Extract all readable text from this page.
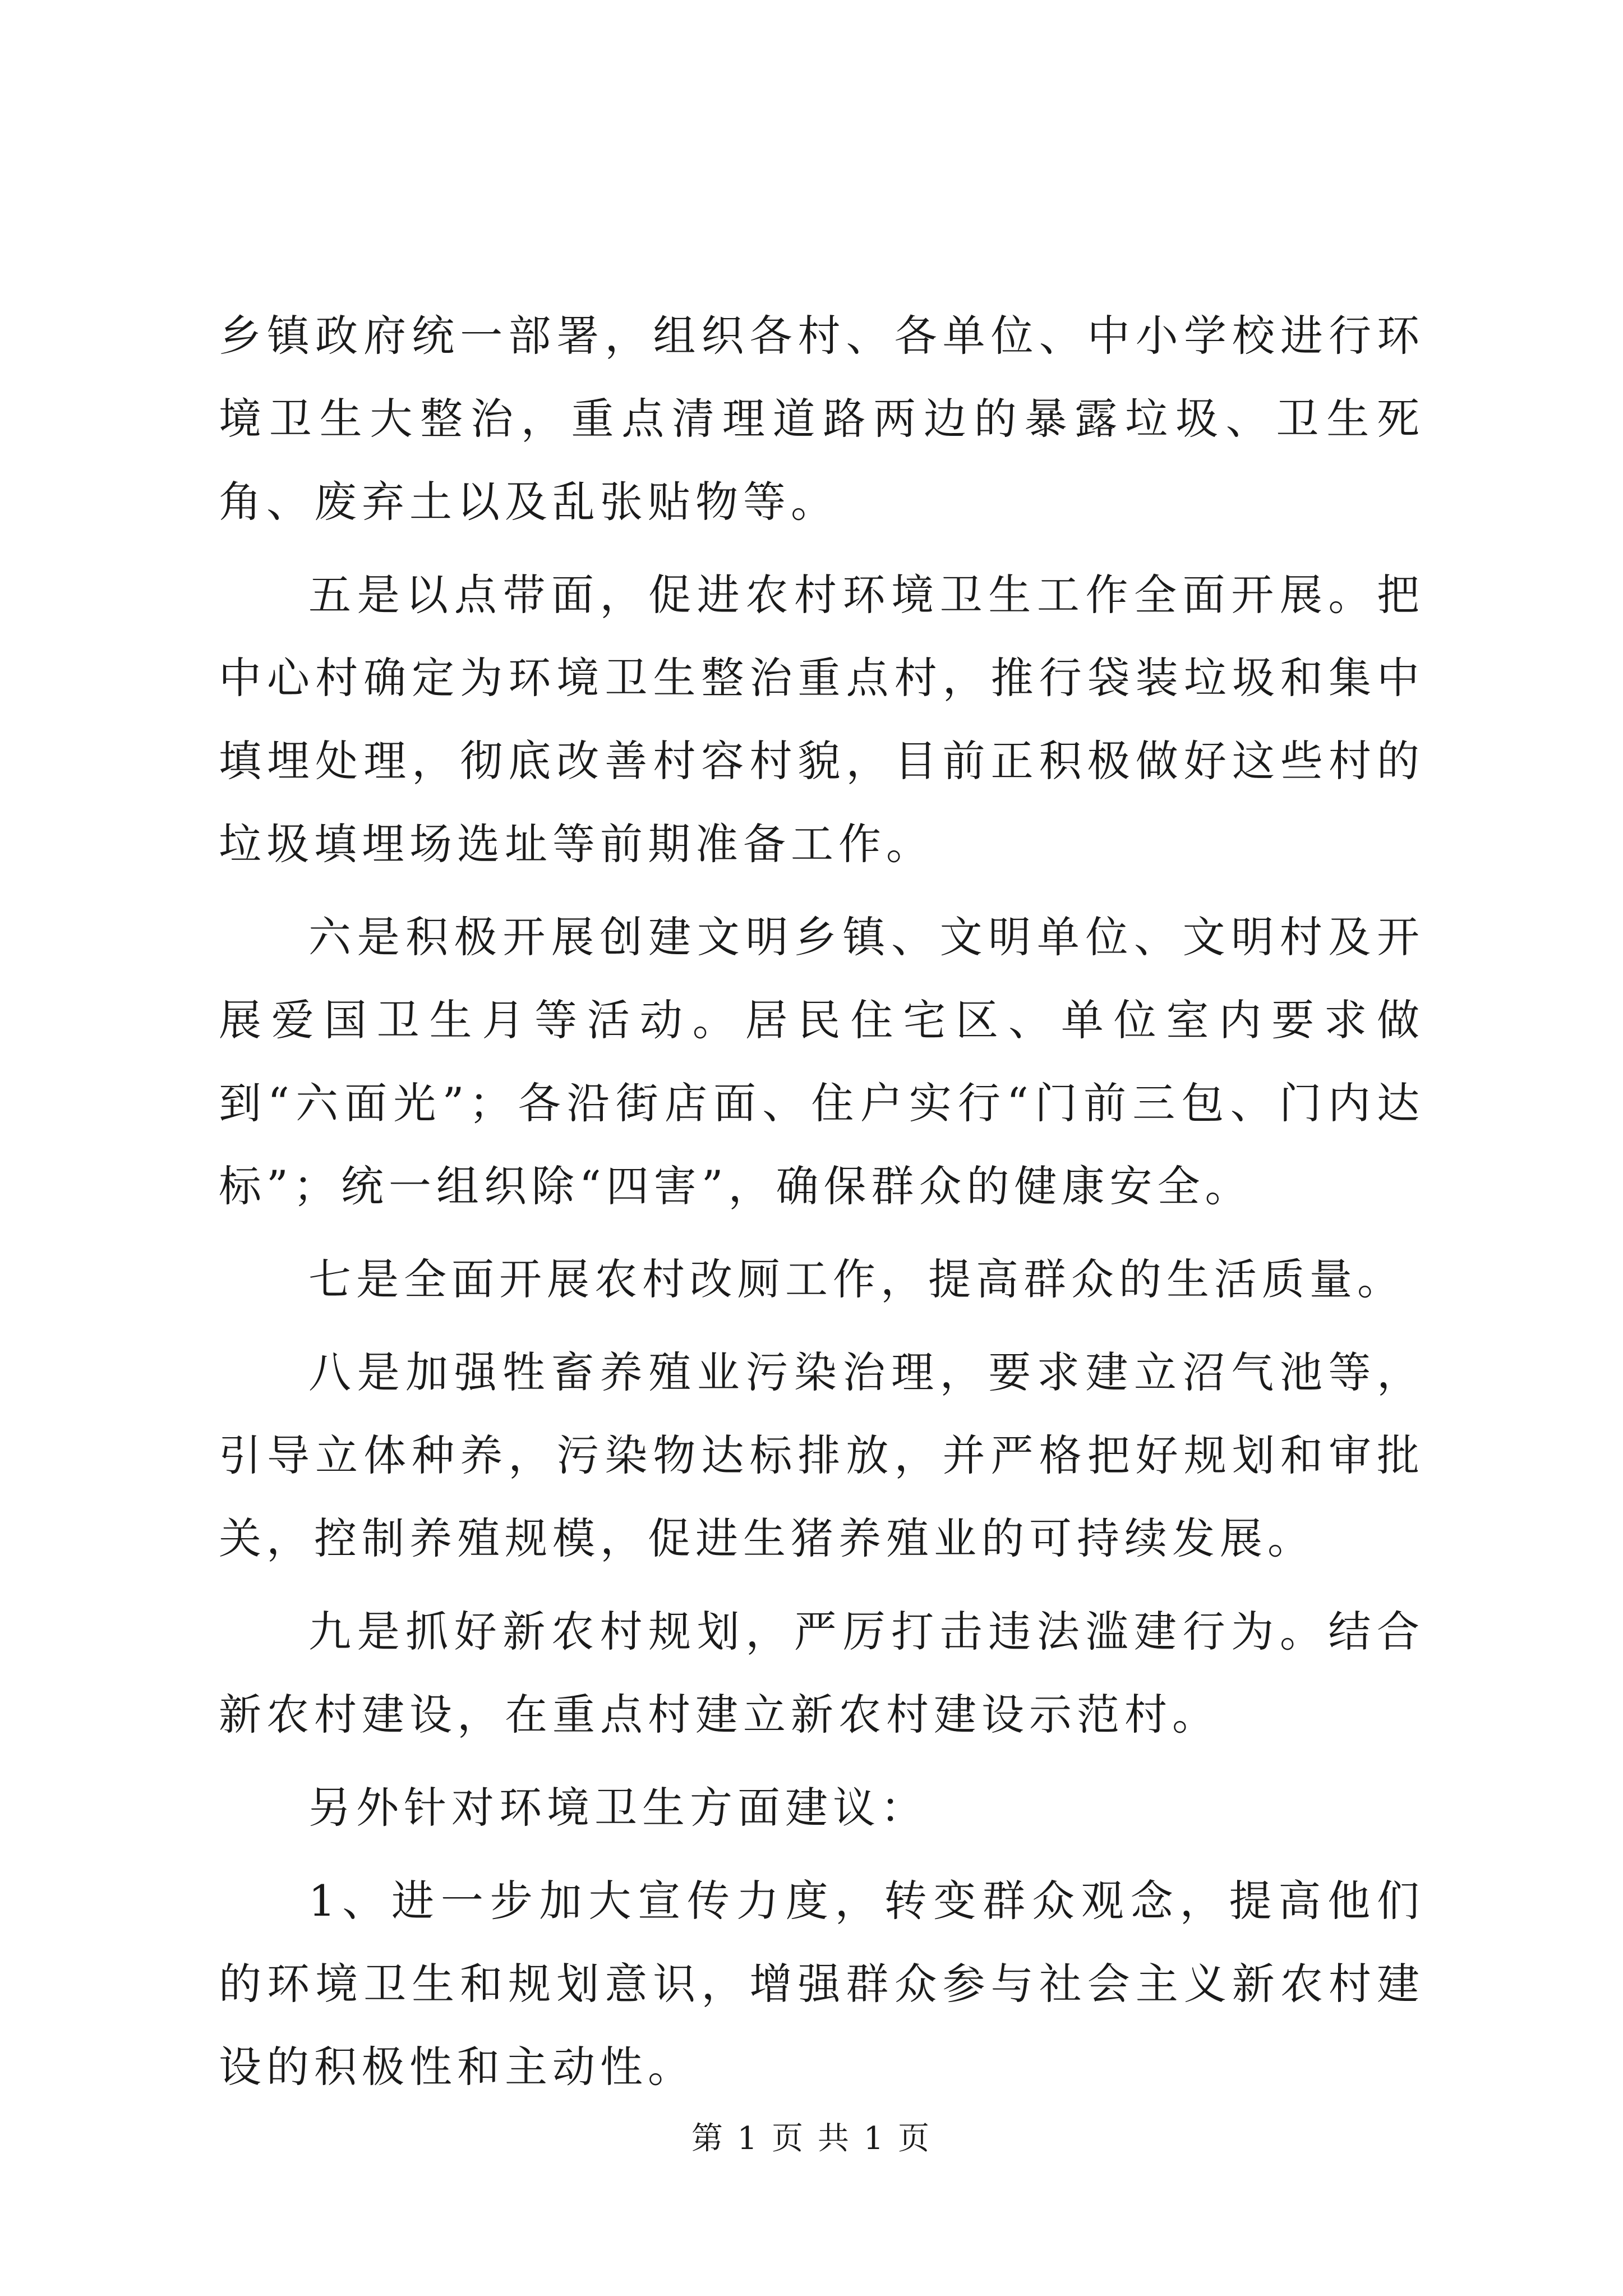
乡镇政府统一部署，组织各村、各单位、中小学校进行环境卫生大整治，重点清理道路两边的暴露垃圾、卫生死角、废弃土以及乱张贴物等。

五是以点带面，促进农村环境卫生工作全面开展。把中心村确定为环境卫生整治重点村，推行袋装垃圾和集中填埋处理，彻底改善村容村貌，目前正积极做好这些村的垃圾填埋场选址等前期准备工作。

六是积极开展创建文明乡镇、文明单位、文明村及开展爱国卫生月等活动。居民住宅区、单位室内要求做到“六面光”；各沿街店面、住户实行“门前三包、门内达标”；统一组织除“四害”，确保群众的健康安全。

七是全面开展农村改厕工作，提高群众的生活质量。

八是加强牲畜养殖业污染治理，要求建立沼气池等，引导立体种养，污染物达标排放，并严格把好规划和审批关，控制养殖规模，促进生猪养殖业的可持续发展。

九是抓好新农村规划，严厉打击违法滥建行为。结合新农村建设，在重点村建立新农村建设示范村。

另外针对环境卫生方面建议：

1、进一步加大宣传力度，转变群众观念，提高他们的环境卫生和规划意识，增强群众参与社会主义新农村建设的积极性和主动性。

第 1 页 共 1 页
